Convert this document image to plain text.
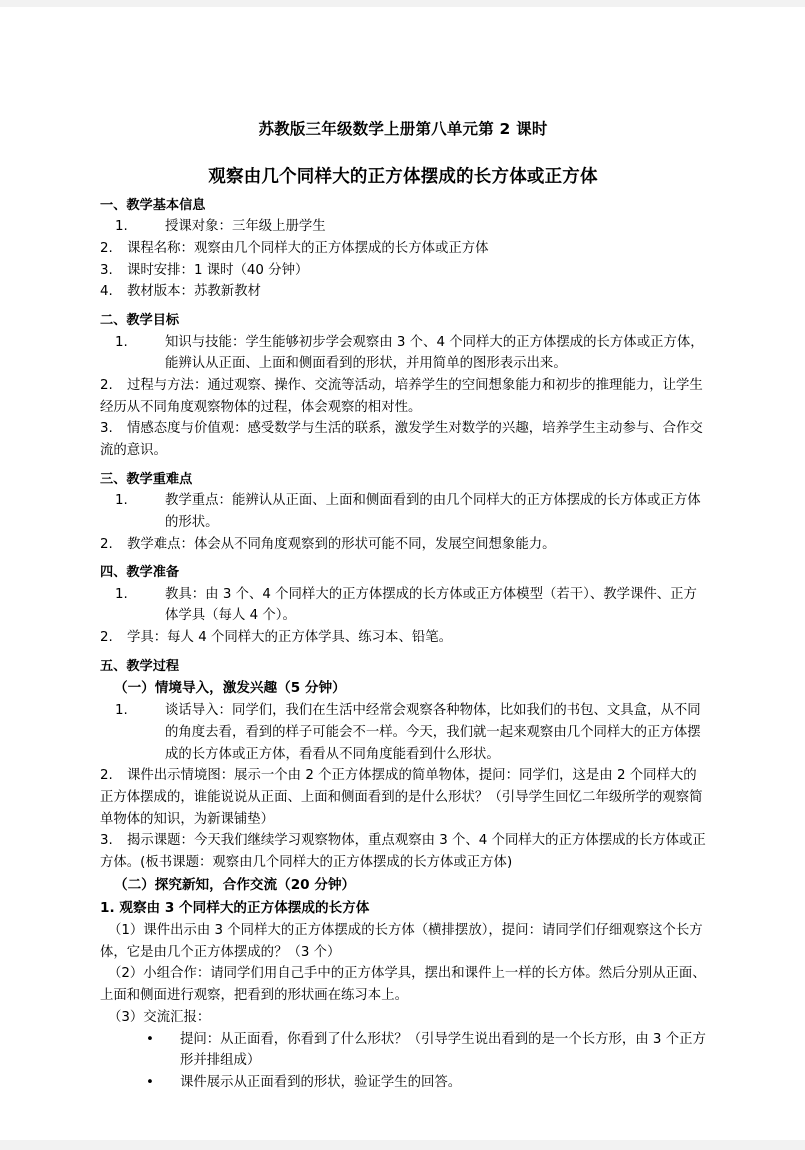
苏教版三年级数学上册第八单元第 2 课时
观察由几个同样大的正方体摆成的长方体或正方体
一、教学基本信息
1.	授课对象：三年级上册学生
2. 课程名称：观察由几个同样大的正方体摆成的长方体或正方体
3. 课时安排：1 课时（40 分钟）
4. 教材版本：苏教新教材
二、教学目标
1.	知识与技能：学生能够初步学会观察由 3 个、4 个同样大的正方体摆成的长方体或正方体，能辨认从正面、上面和侧面看到的形状，并用简单的图形表示出来。
2. 过程与方法：通过观察、操作、交流等活动，培养学生的空间想象能力和初步的推理能力，让学生经历从不同角度观察物体的过程，体会观察的相对性。
3. 情感态度与价值观：感受数学与生活的联系，激发学生对数学的兴趣，培养学生主动参与、合作交流的意识。
三、教学重难点
1.	教学重点：能辨认从正面、上面和侧面看到的由几个同样大的正方体摆成的长方体或正方体的形状。
2. 教学难点：体会从不同角度观察到的形状可能不同，发展空间想象能力。
四、教学准备
1.	教具：由 3 个、4 个同样大的正方体摆成的长方体或正方体模型（若干）、教学课件、正方体学具（每人 4 个）。
2. 学具：每人 4 个同样大的正方体学具、练习本、铅笔。
五、教学过程
（一）情境导入，激发兴趣（5 分钟）
1.	谈话导入：同学们，我们在生活中经常会观察各种物体，比如我们的书包、文具盒，从不同的角度去看，看到的样子可能会不一样。今天，我们就一起来观察由几个同样大的正方体摆成的长方体或正方体，看看从不同角度能看到什么形状。
2. 课件出示情境图：展示一个由 2 个正方体摆成的简单物体，提问：同学们，这是由 2 个同样大的正方体摆成的，谁能说说从正面、上面和侧面看到的是什么形状？（引导学生回忆二年级所学的观察简单物体的知识，为新课铺垫）
3. 揭示课题：今天我们继续学习观察物体，重点观察由 3 个、4 个同样大的正方体摆成的长方体或正方体。(板书课题：观察由几个同样大的正方体摆成的长方体或正方体)
（二）探究新知，合作交流（20 分钟）
1. 观察由 3 个同样大的正方体摆成的长方体
（1）课件出示由 3 个同样大的正方体摆成的长方体（横排摆放），提问：请同学们仔细观察这个长方体，它是由几个正方体摆成的？（3 个）
（2）小组合作：请同学们用自己手中的正方体学具，摆出和课件上一样的长方体。然后分别从正面、上面和侧面进行观察，把看到的形状画在练习本上。
（3）交流汇报：
• 提问：从正面看，你看到了什么形状？（引导学生说出看到的是一个长方形，由 3 个正方形并排组成）
• 课件展示从正面看到的形状，验证学生的回答。
